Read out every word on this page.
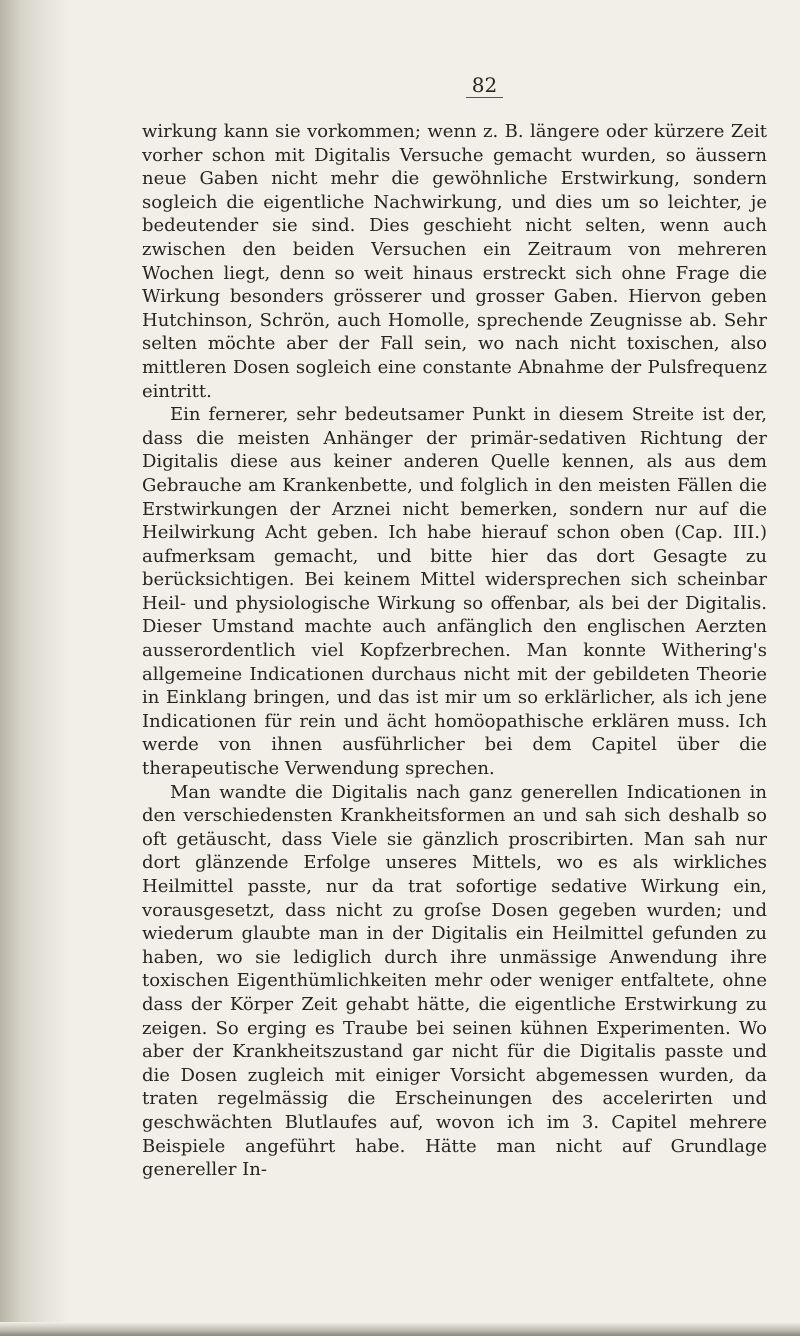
82

wirkung kann sie vorkommen; wenn z. B. längere oder kürzere Zeit vorher schon mit Digitalis Versuche gemacht wurden, so äussern neue Gaben nicht mehr die gewöhnliche Erstwirkung, sondern sogleich die eigentliche Nachwirkung, und dies um so leichter, je bedeutender sie sind. Dies geschieht nicht selten, wenn auch zwischen den beiden Versuchen ein Zeitraum von mehreren Wochen liegt, denn so weit hinaus erstreckt sich ohne Frage die Wirkung besonders grösserer und grosser Gaben. Hiervon geben Hutchinson, Schrön, auch Homolle, sprechende Zeugnisse ab. Sehr selten möchte aber der Fall sein, wo nach nicht toxischen, also mittleren Dosen sogleich eine constante Abnahme der Pulsfrequenz eintritt.

Ein fernerer, sehr bedeutsamer Punkt in diesem Streite ist der, dass die meisten Anhänger der primär-sedativen Richtung der Digitalis diese aus keiner anderen Quelle kennen, als aus dem Gebrauche am Krankenbette, und folglich in den meisten Fällen die Erstwirkungen der Arznei nicht bemerken, sondern nur auf die Heilwirkung Acht geben. Ich habe hierauf schon oben (Cap. III.) aufmerksam gemacht, und bitte hier das dort Gesagte zu berücksichtigen. Bei keinem Mittel widersprechen sich scheinbar Heil- und physiologische Wirkung so offenbar, als bei der Digitalis. Dieser Umstand machte auch anfänglich den englischen Aerzten ausserordentlich viel Kopfzerbrechen. Man konnte Withering's allgemeine Indicationen durchaus nicht mit der gebildeten Theorie in Einklang bringen, und das ist mir um so erklärlicher, als ich jene Indicationen für rein und ächt homöopathische erklären muss. Ich werde von ihnen ausführlicher bei dem Capitel über die therapeutische Verwendung sprechen.

Man wandte die Digitalis nach ganz generellen Indicationen in den verschiedensten Krankheitsformen an und sah sich deshalb so oft getäuscht, dass Viele sie gänzlich proscribirten. Man sah nur dort glänzende Erfolge unseres Mittels, wo es als wirkliches Heilmittel passte, nur da trat sofortige sedative Wirkung ein, vorausgesetzt, dass nicht zu groſse Dosen gegeben wurden; und wiederum glaubte man in der Digitalis ein Heilmittel gefunden zu haben, wo sie lediglich durch ihre unmässige Anwendung ihre toxischen Eigenthümlichkeiten mehr oder weniger entfaltete, ohne dass der Körper Zeit gehabt hätte, die eigentliche Erstwirkung zu zeigen. So erging es Traube bei seinen kühnen Experimenten. Wo aber der Krankheitszustand gar nicht für die Digitalis passte und die Dosen zugleich mit einiger Vorsicht abgemessen wurden, da traten regelmässig die Erscheinungen des accelerirten und geschwächten Blutlaufes auf, wovon ich im 3. Capitel mehrere Beispiele angeführt habe. Hätte man nicht auf Grundlage genereller In-
